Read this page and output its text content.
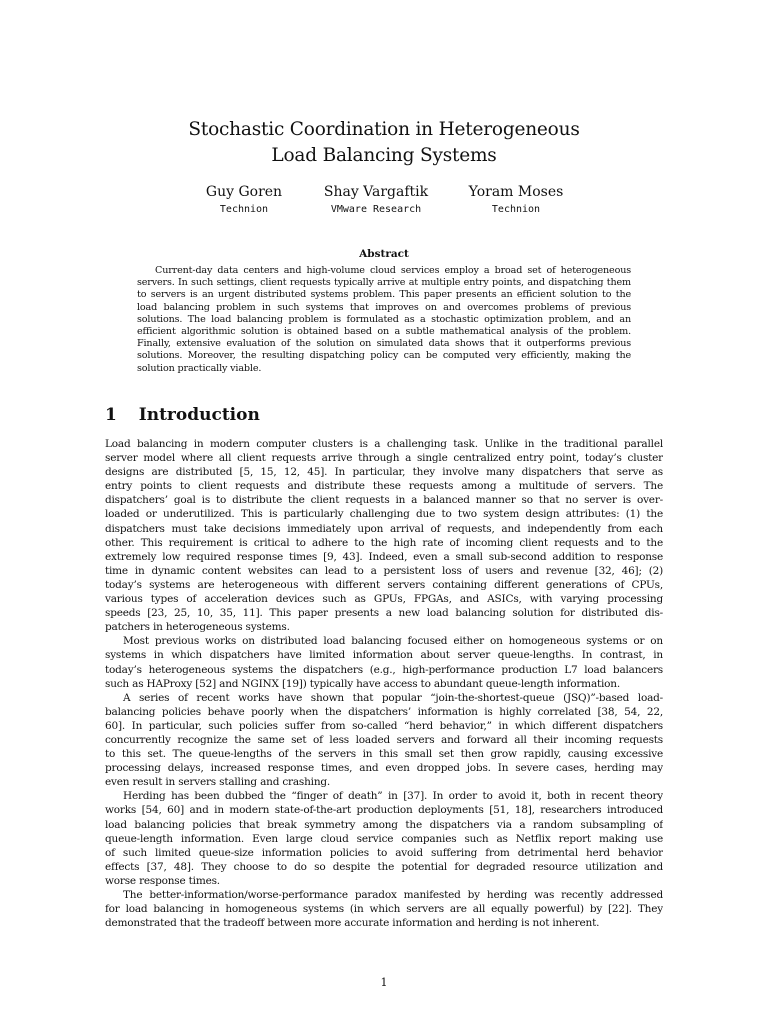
Stochastic Coordination in Heterogeneous
Load Balancing Systems
Guy Goren
Technion
Shay Vargaftik
VMware Research
Yoram Moses
Technion
Abstract
Current-day data centers and high-volume cloud services employ a broad set of heterogeneous servers. In such settings, client requests typically arrive at multiple entry points, and dispatching them to servers is an urgent distributed systems problem. This paper presents an efficient solution to the load balancing problem in such systems that improves on and overcomes problems of previous solutions. The load balancing problem is formulated as a stochastic optimization problem, and an efficient algorithmic solution is obtained based on a subtle mathematical analysis of the problem. Finally, extensive evaluation of the solution on simulated data shows that it outperforms previous solutions. Moreover, the resulting dispatching policy can be computed very efficiently, making the solution practically viable.
1 Introduction
Load balancing in modern computer clusters is a challenging task. Unlike in the traditional parallel
server model where all client requests arrive through a single centralized entry point, today’s cluster
designs are distributed [5, 15, 12, 45]. In particular, they involve many dispatchers that serve as
entry points to client requests and distribute these requests among a multitude of servers. The
dispatchers’ goal is to distribute the client requests in a balanced manner so that no server is over-
loaded or underutilized. This is particularly challenging due to two system design attributes: (1) the
dispatchers must take decisions immediately upon arrival of requests, and independently from each
other. This requirement is critical to adhere to the high rate of incoming client requests and to the
extremely low required response times [9, 43]. Indeed, even a small sub-second addition to response
time in dynamic content websites can lead to a persistent loss of users and revenue [32, 46]; (2)
today’s systems are heterogeneous with different servers containing different generations of CPUs,
various types of acceleration devices such as GPUs, FPGAs, and ASICs, with varying processing
speeds [23, 25, 10, 35, 11]. This paper presents a new load balancing solution for distributed dis-
patchers in heterogeneous systems.
Most previous works on distributed load balancing focused either on homogeneous systems or on
systems in which dispatchers have limited information about server queue-lengths. In contrast, in
today’s heterogeneous systems the dispatchers (e.g., high-performance production L7 load balancers
such as HAProxy [52] and NGINX [19]) typically have access to abundant queue-length information.
A series of recent works have shown that popular “join-the-shortest-queue (JSQ)”-based load-
balancing policies behave poorly when the dispatchers’ information is highly correlated [38, 54, 22,
60]. In particular, such policies suffer from so-called “herd behavior,” in which different dispatchers
concurrently recognize the same set of less loaded servers and forward all their incoming requests
to this set. The queue-lengths of the servers in this small set then grow rapidly, causing excessive
processing delays, increased response times, and even dropped jobs. In severe cases, herding may
even result in servers stalling and crashing.
Herding has been dubbed the “finger of death” in [37]. In order to avoid it, both in recent theory
works [54, 60] and in modern state-of-the-art production deployments [51, 18], researchers introduced
load balancing policies that break symmetry among the dispatchers via a random subsampling of
queue-length information. Even large cloud service companies such as Netflix report making use
of such limited queue-size information policies to avoid suffering from detrimental herd behavior
effects [37, 48]. They choose to do so despite the potential for degraded resource utilization and
worse response times.
The better-information/worse-performance paradox manifested by herding was recently addressed
for load balancing in homogeneous systems (in which servers are all equally powerful) by [22]. They
demonstrated that the tradeoff between more accurate information and herding is not inherent.
1
